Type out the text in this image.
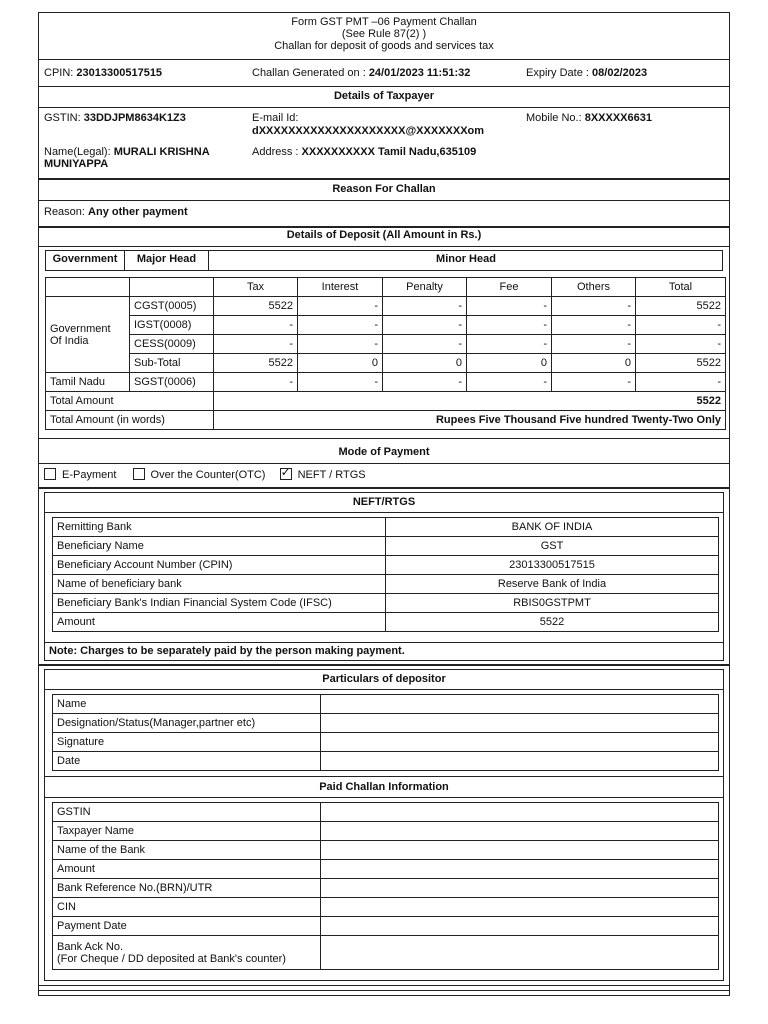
Form GST PMT –06 Payment Challan
(See Rule 87(2) )
Challan for deposit of goods and services tax
CPIN: 23013300517515	Challan Generated on : 24/01/2023 11:51:32	Expiry Date : 08/02/2023
Details of Taxpayer
GSTIN: 33DDJPM8634K1Z3	E-mail Id:
dXXXXXXXXXXXXXXXXXXXX@XXXXXXXom
Mobile No.: 8XXXXX6631
Name(Legal): MURALI KRISHNA
MUNIYAPPA
Address : XXXXXXXXXX Tamil Nadu,635109
Reason For Challan
Reason: Any other payment
Details of Deposit (All Amount in Rs.)
Government	Major Head	Minor Head
		Tax	Interest	Penalty	Fee	Others	Total
Government Of India	CGST(0005)	5522	-	-	-	-	5522
	IGST(0008)	-	-	-	-	-	-
	CESS(0009)	-	-	-	-	-	-
	Sub-Total	5522	0	0	0	0	5522
Tamil Nadu	SGST(0006)	-	-	-	-	-	-
Total Amount		5522					
Total Amount (in words)		Rupees Five Thousand Five hundred Twenty-Two Only					
Mode of Payment
E-Payment	Over the Counter(OTC) ✓	NEFT / RTGS
NEFT/RTGS
Remitting Bank	BANK OF INDIA
Beneficiary Name	GST
Beneficiary Account Number (CPIN)	23013300517515
Name of beneficiary bank	Reserve Bank of India
Beneficiary Bank's Indian Financial System Code (IFSC)	RBIS0GSTPMT
Amount	5522
Note: Charges to be separately paid by the person making payment.
Particulars of depositor
Name	
Designation/Status(Manager,partner etc)	
Signature	
Date	
Paid Challan Information
GSTIN	
Taxpayer Name	
Name of the Bank	
Amount	
Bank Reference No.(BRN)/UTR	
CIN	
Payment Date	

Bank Ack No.
(For Cheque / DD deposited at Bank's counter)	
